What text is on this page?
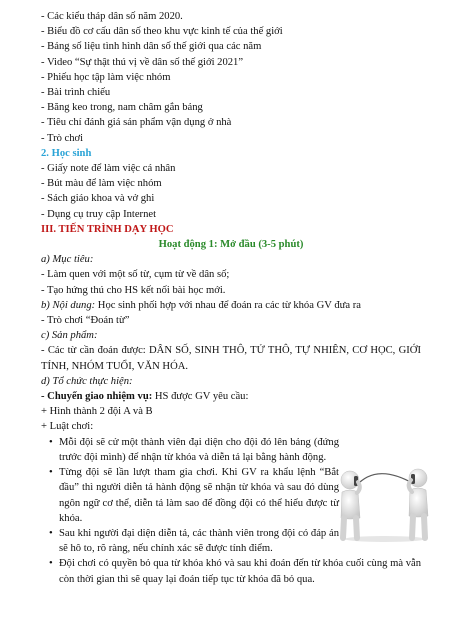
- Các kiểu tháp dân số năm 2020.
- Biểu đồ cơ cấu dân số theo khu vực kinh tế của thế giới
- Bảng số liệu tình hình dân số thế giới qua các năm
- Video “Sự thật thú vị về dân số thế giới 2021”
- Phiếu học tập làm việc nhóm
- Bài trình chiếu
- Băng keo trong, nam châm gắn bảng
- Tiêu chí đánh giá sản phẩm vận dụng ở nhà
- Trò chơi
2. Học sinh
- Giấy note để làm việc cá nhân
- Bút màu để làm việc nhóm
- Sách giáo khoa và vở ghi
- Dụng cụ truy cập Internet
III. TIẾN TRÌNH DẠY HỌC
Hoạt động 1: Mở đầu (3-5 phút)
a) Mục tiêu:
- Làm quen với một số từ, cụm từ về dân số;
- Tạo hứng thú cho HS kết nối bài học mới.
b) Nội dung: Học sinh phối hợp với nhau để đoán ra các từ khóa GV đưa ra
- Trò chơi “Đoán từ”
c) Sản phẩm:
- Các từ cần đoán được: DÂN SỐ, SINH THÔ, TỬ THÔ, TỰ NHIÊN, CƠ HỌC, GIỚI TÍNH, NHÓM TUỔI, VĂN HÓA.
d) Tổ chức thực hiện:
- Chuyển giao nhiệm vụ: HS được GV yêu cầu:
+ Hình thành 2 đội A và B
+ Luật chơi:
• Mỗi đội sẽ cử một thành viên đại diện cho đội đó lên bảng (đứng trước đội mình) để nhận từ khóa và diễn tả lại bằng hành động.
• Từng đội sẽ lần lượt tham gia chơi. Khi GV ra khẩu lệnh “Bắt đầu” thì người diễn tả hành động sẽ nhận từ khóa và sau đó dùng ngôn ngữ cơ thể, diễn tả làm sao để đồng đội có thể hiểu được từ khóa.
• Sau khi người đại diện diễn tả, các thành viên trong đội có đáp án sẽ hô to, rõ ràng, nếu chính xác sẽ được tính điểm.
• Đội chơi có quyền bỏ qua từ khóa khó và sau khi đoán đến từ khóa cuối cùng mà vẫn còn thời gian thì sẽ quay lại đoán tiếp tục từ khóa đã bỏ qua.
